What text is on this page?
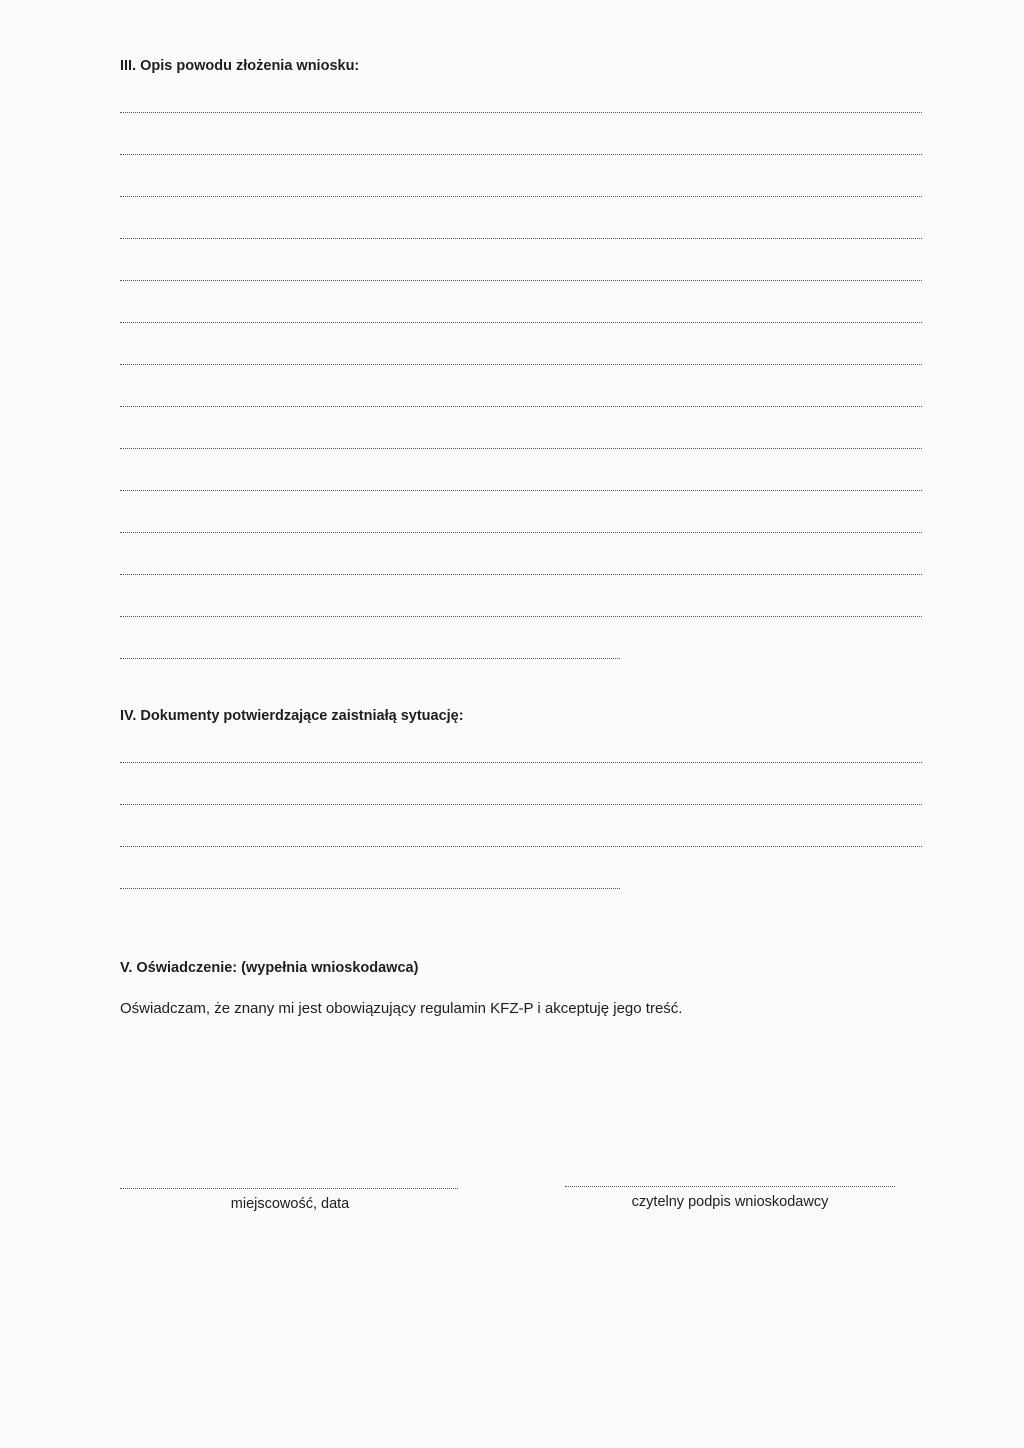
III. Opis powodu złożenia wniosku:
IV. Dokumenty potwierdzające zaistniałą sytuację:
V. Oświadczenie: (wypełnia wnioskodawca)
Oświadczam, że znany mi jest obowiązujący regulamin KFZ-P i akceptuję jego treść.
miejscowość, data	czytelny podpis wnioskodawcy
